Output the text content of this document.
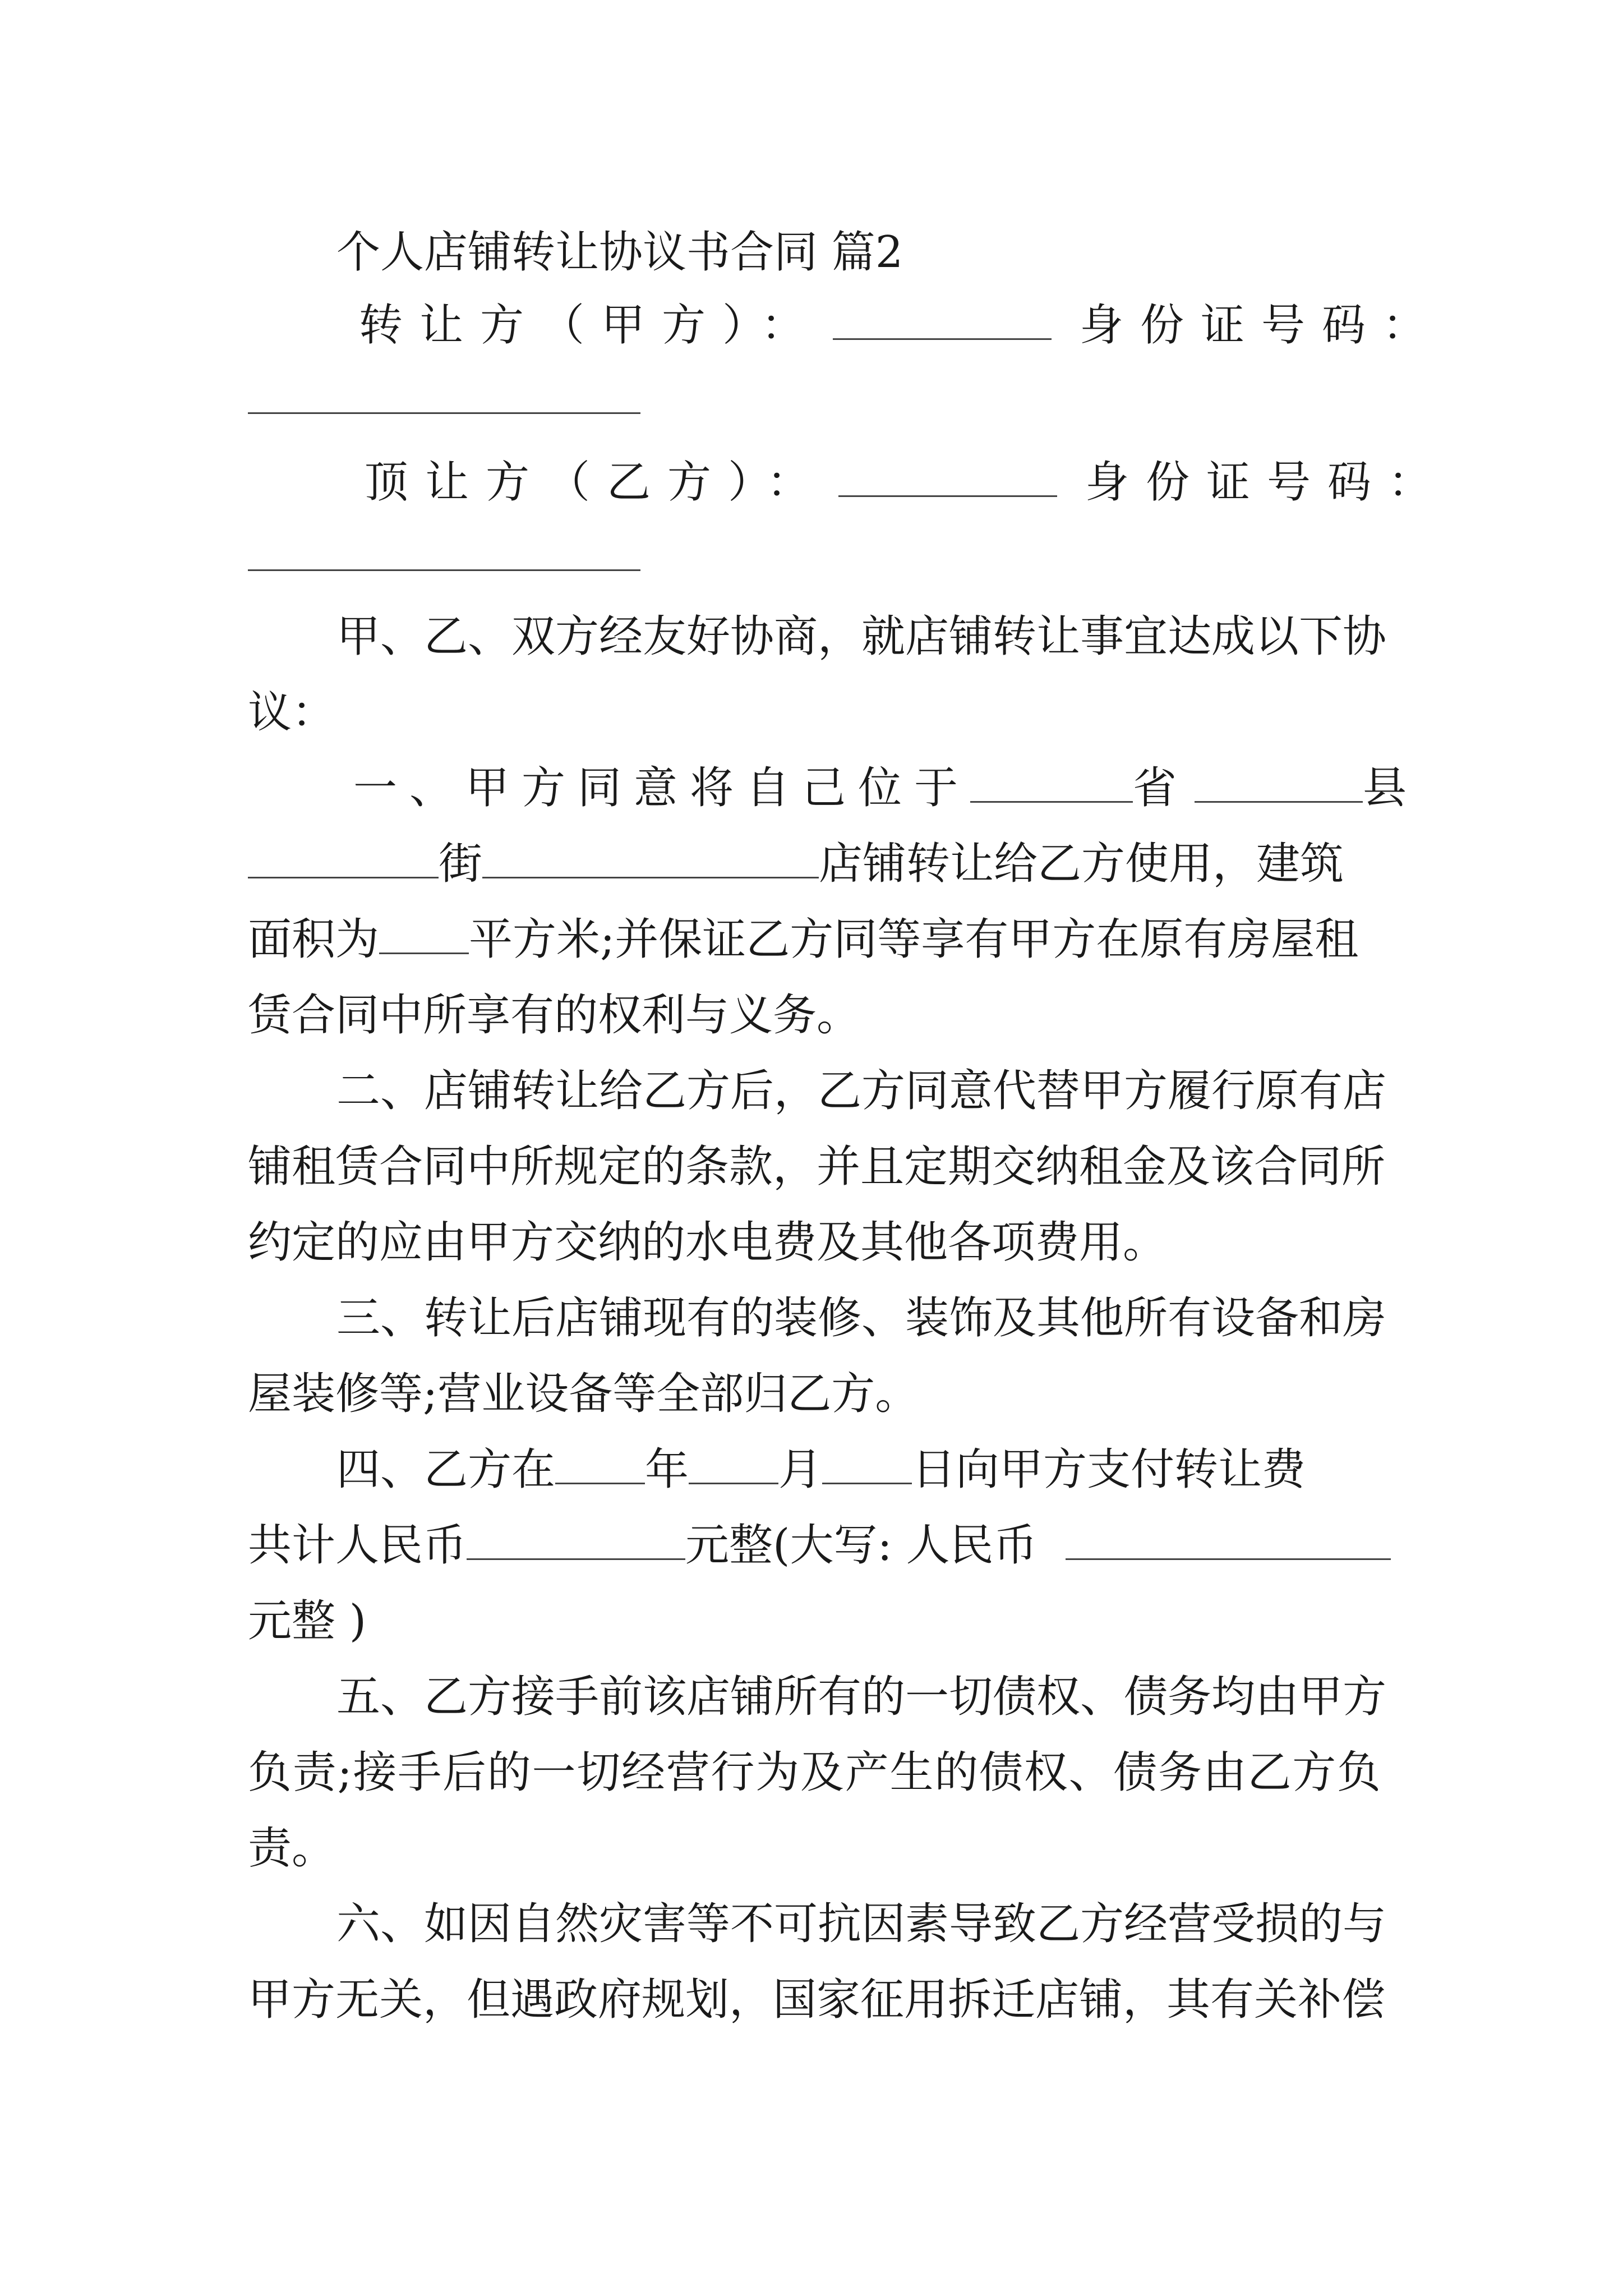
个人店铺转让协议书合同 篇2
转让方（甲方）：	身份证号码：
顶让方（乙方）：	身份证号码：
甲、乙、双方经友好协商，就店铺转让事宜达成以下协
议：
一、甲方同意将自己位于	省	县
街	店铺转让给乙方使用，建筑
面积为 平方米;并保证乙方同等享有甲方在原有房屋租
赁合同中所享有的权利与义务。
二、店铺转让给乙方后，乙方同意代替甲方履行原有店
铺租赁合同中所规定的条款，并且定期交纳租金及该合同所
约定的应由甲方交纳的水电费及其他各项费用。
三、转让后店铺现有的装修、装饰及其他所有设备和房
屋装修等;营业设备等全部归乙方。
四、乙方在 年 月 日向甲方支付转让费
共计人民币	元整(大写: 人民币
元整 )
五、乙方接手前该店铺所有的一切债权、债务均由甲方
负责;接手后的一切经营行为及产生的债权、债务由乙方负
责。
六、如因自然灾害等不可抗因素导致乙方经营受损的与
甲方无关，但遇政府规划，国家征用拆迁店铺，其有关补偿
